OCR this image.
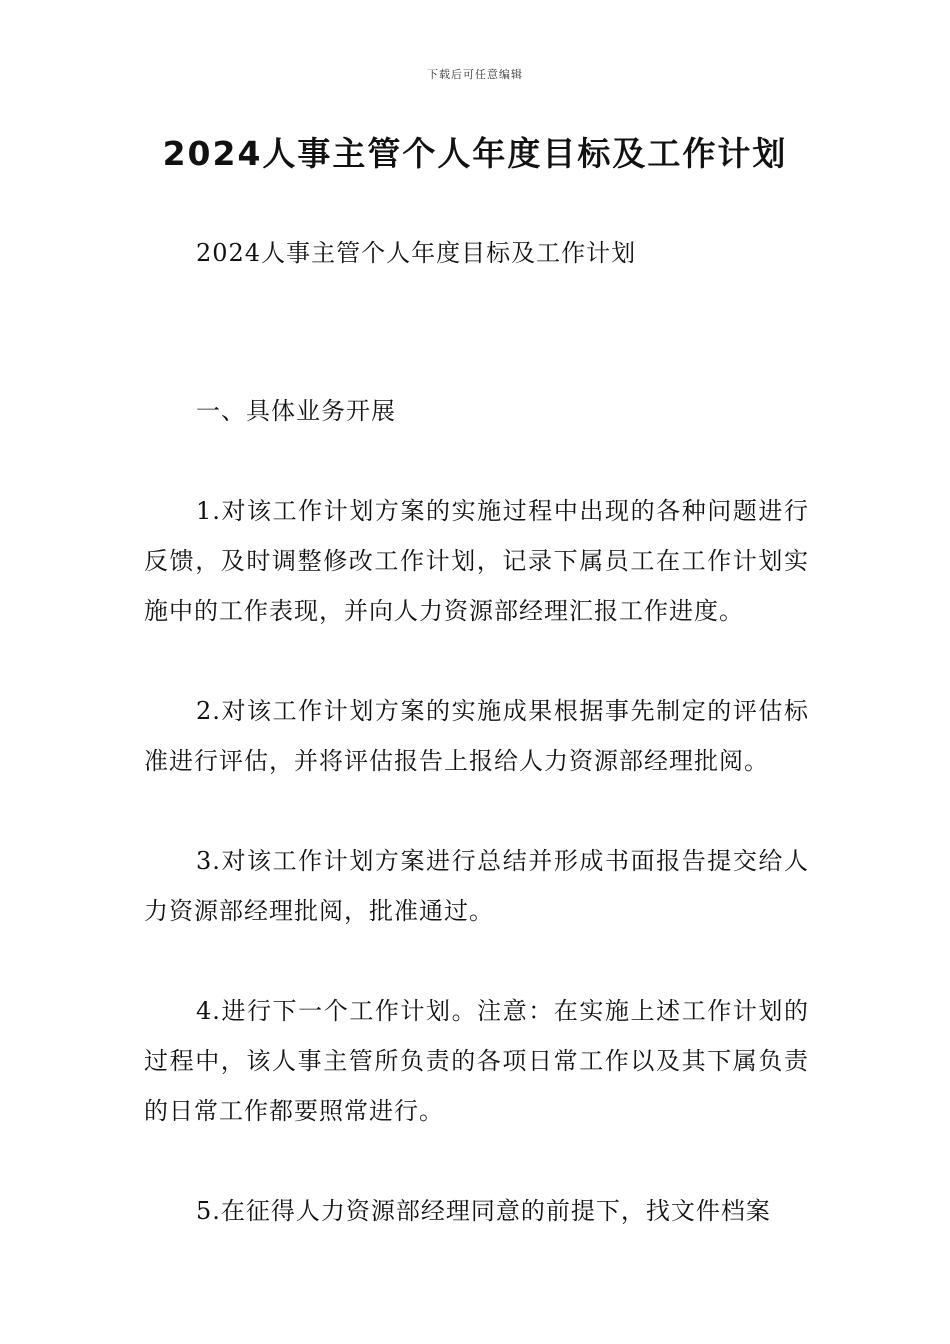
下载后可任意编辑
2024人事主管个人年度目标及工作计划

2024人事主管个人年度目标及工作计划

一、具体业务开展

1.对该工作计划方案的实施过程中出现的各种问题进行反馈，及时调整修改工作计划，记录下属员工在工作计划实施中的工作表现，并向人力资源部经理汇报工作进度。

2.对该工作计划方案的实施成果根据事先制定的评估标准进行评估，并将评估报告上报给人力资源部经理批阅。

3.对该工作计划方案进行总结并形成书面报告提交给人力资源部经理批阅，批准通过。

4.进行下一个工作计划。注意：在实施上述工作计划的过程中，该人事主管所负责的各项日常工作以及其下属负责的日常工作都要照常进行。

5.在征得人力资源部经理同意的前提下，找文件档案
